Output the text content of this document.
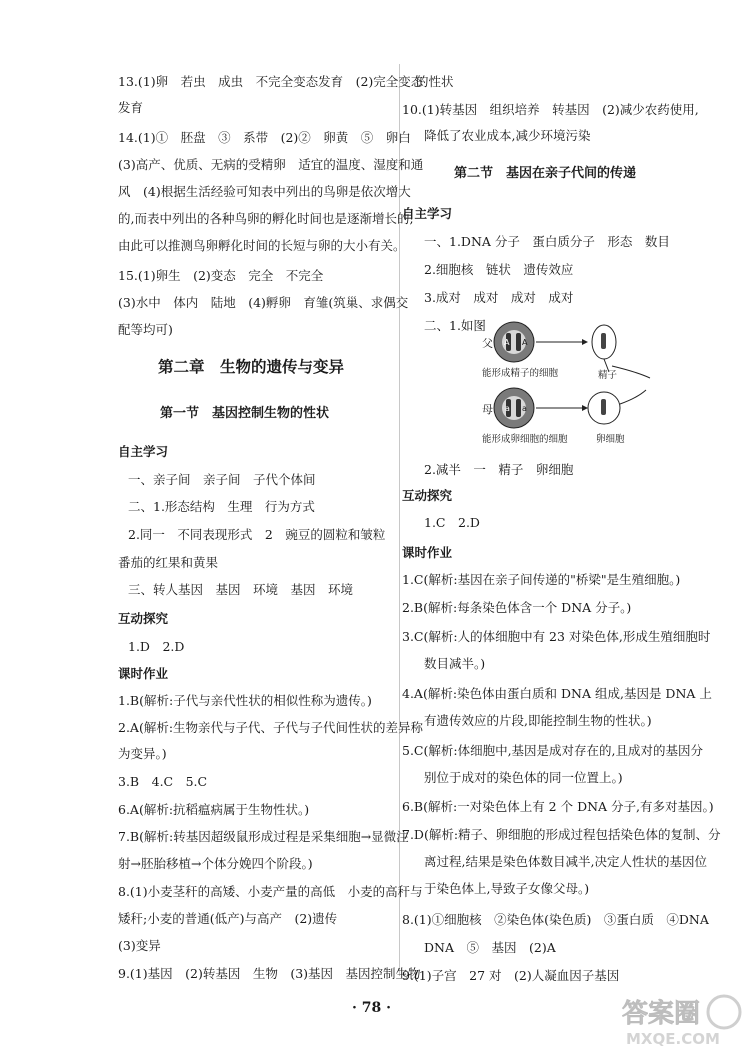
13.(1)卵　若虫　成虫　不完全变态发育　(2)完全变态
发育
14.(1)①　胚盘　③　系带　(2)②　卵黄　⑤　卵白
(3)高产、优质、无病的受精卵　适宜的温度、湿度和通
风　(4)根据生活经验可知表中列出的鸟卵是依次增大
的,而表中列出的各种鸟卵的孵化时间也是逐渐增长的,
由此可以推测鸟卵孵化时间的长短与卵的大小有关。
15.(1)卵生　(2)变态　完全　不完全
(3)水中　体内　陆地　(4)孵卵　育雏(筑巢、求偶交
配等均可)
第二章　生物的遗传与变异
第一节　基因控制生物的性状
自主学习
一、亲子间　亲子间　子代个体间
二、1.形态结构　生理　行为方式
2.同一　不同表现形式　2　豌豆的圆粒和皱粒
番茄的红果和黄果
三、转人基因　基因　环境　基因　环境
互动探究
1.D　2.D
课时作业
1.B(解析:子代与亲代性状的相似性称为遗传。)
2.A(解析:生物亲代与子代、子代与子代间性状的差异称
为变异。)
3.B　4.C　5.C
6.A(解析:抗稻瘟病属于生物性状。)
7.B(解析:转基因超级鼠形成过程是采集细胞→显微注
射→胚胎移植→个体分娩四个阶段。)
8.(1)小麦茎秆的高矮、小麦产量的高低　小麦的高秆与
矮秆;小麦的普通(低产)与高产　(2)遗传
(3)变异
9.(1)基因　(2)转基因　生物　(3)基因　基因控制生物
的性状
10.(1)转基因　组织培养　转基因　(2)减少农药使用,
降低了农业成本,减少环境污染
第二节　基因在亲子代间的传递
自主学习
一、1.DNA 分子　蛋白质分子　形态　数目
2.细胞核　链状　遗传效应
3.成对　成对　成对　成对
二、1.如图
父 A A
能形成精子的细胞	精子
母 a a
能形成卵细胞的细胞	卵细胞
2.减半　一　精子　卵细胞
互动探究
1.C　2.D
课时作业
1.C(解析:基因在亲子间传递的"桥梁"是生殖细胞。)
2.B(解析:每条染色体含一个 DNA 分子。)
3.C(解析:人的体细胞中有 23 对染色体,形成生殖细胞时
数目减半。)
4.A(解析:染色体由蛋白质和 DNA 组成,基因是 DNA 上
有遗传效应的片段,即能控制生物的性状。)
5.C(解析:体细胞中,基因是成对存在的,且成对的基因分
别位于成对的染色体的同一位置上。)
6.B(解析:一对染色体上有 2 个 DNA 分子,有多对基因。)
7.D(解析:精子、卵细胞的形成过程包括染色体的复制、分
离过程,结果是染色体数目减半,决定人性状的基因位
于染色体上,导致子女像父母。)
8.(1)①细胞核　②染色体(染色质)　③蛋白质　④DNA
DNA　⑤　基因　(2)A
9.(1)子宫　27 对　(2)人凝血因子基因
· 78 ·	答案圈
MXQE.COM
